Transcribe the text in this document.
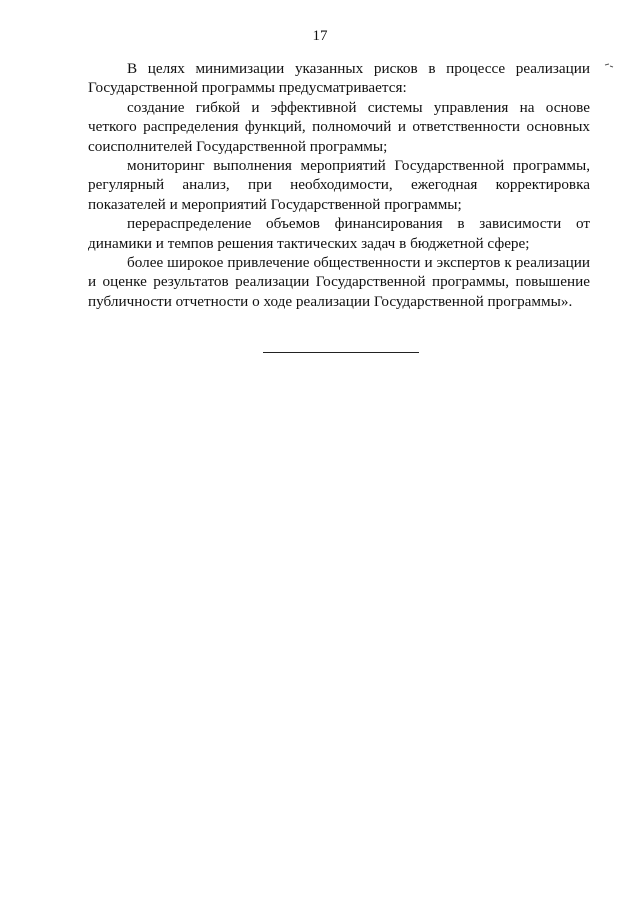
17

В целях минимизации указанных рисков в процессе реализации Государственной программы предусматривается:

создание гибкой и эффективной системы управления на основе четкого распределения функций, полномочий и ответственности основных соисполнителей Государственной программы;

мониторинг выполнения мероприятий Государственной программы, регулярный анализ, при необходимости, ежегодная корректировка показателей и мероприятий Государственной программы;

перераспределение объемов финансирования в зависимости от динамики и темпов решения тактических задач в бюджетной сфере;

более широкое привлечение общественности и экспертов к реализации и оценке результатов реализации Государственной программы, повышение публичности отчетности о ходе реализации Государственной программы».
